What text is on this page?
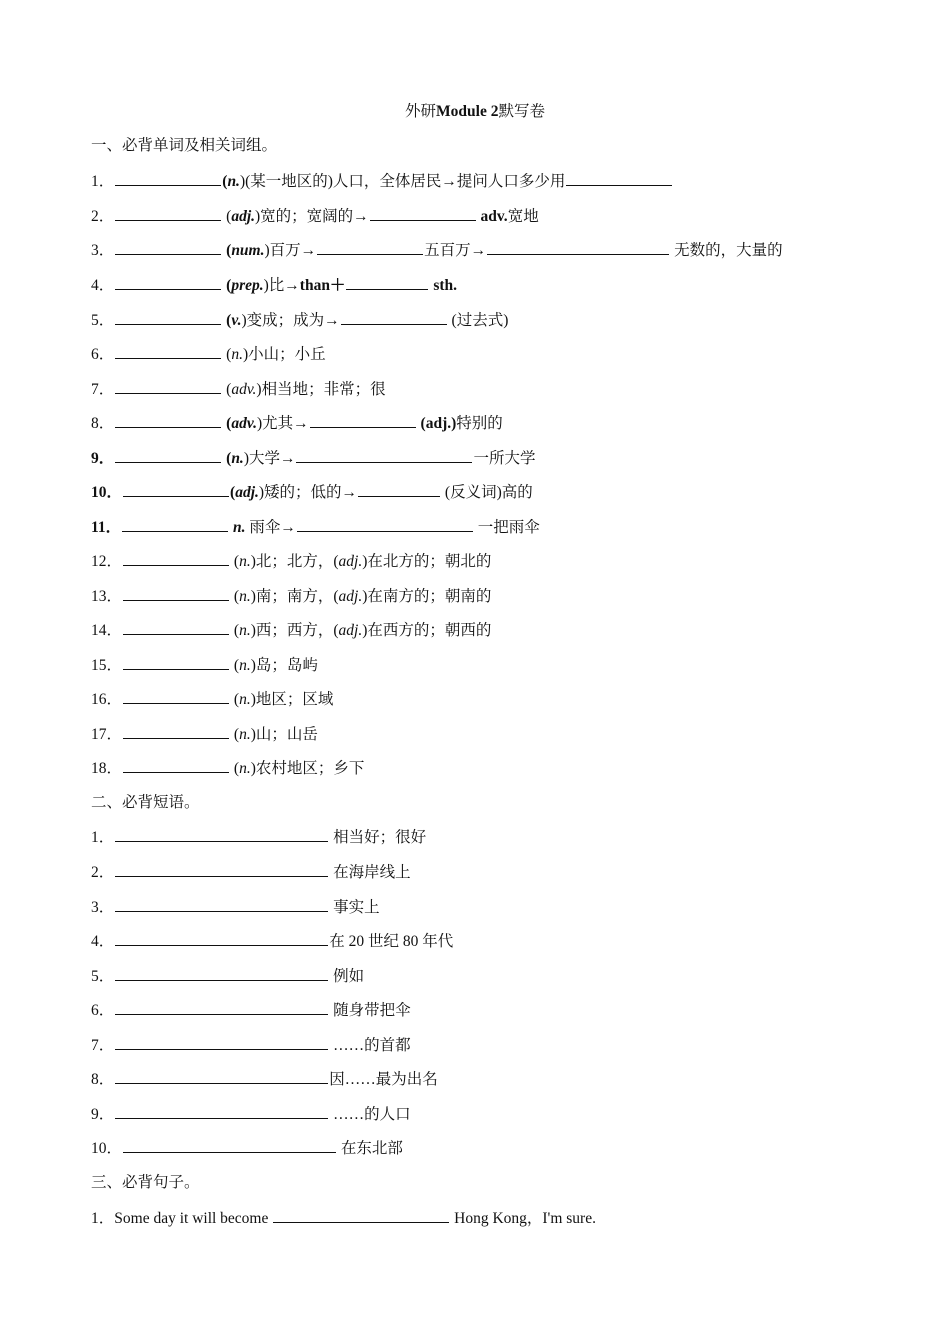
外研Module 2默写卷
一、必背单词及相关词组。
1．	(n.)(某一地区的)人口，全体居民→提问人口多少用
2．	(adj.)宽的；宽阔的→	adv.宽地
3．	(num.)百万→	五百万→	无数的，大量的
4．	(prep.)比→than＋	sth.
5．	(v.)变成；成为→	(过去式)
6．	(n.)小山；小丘
7．	(adv.)相当地；非常；很
8．	(adv.)尤其→	(adj.)特别的
9．	(n.)大学→	一所大学
10．	(adj.)矮的；低的→	(反义词)高的
11．	n. 雨伞→	一把雨伞
12．	(n.)北；北方，(adj.)在北方的；朝北的
13．	(n.)南；南方，(adj.)在南方的；朝南的
14．	(n.)西；西方，(adj.)在西方的；朝西的
15．	(n.)岛；岛屿
16．	(n.)地区；区域
17．	(n.)山；山岳
18．	(n.)农村地区；乡下
二、必背短语。
1．	相当好；很好
2．	在海岸线上
3．	事实上
4．	在 20 世纪 80 年代
5．	例如
6．	随身带把伞
7．	……的首都
8．	因……最为出名
9．	……的人口
10．	在东北部
三、必背句子。
1．Some day it will become	Hong Kong，I'm sure.
